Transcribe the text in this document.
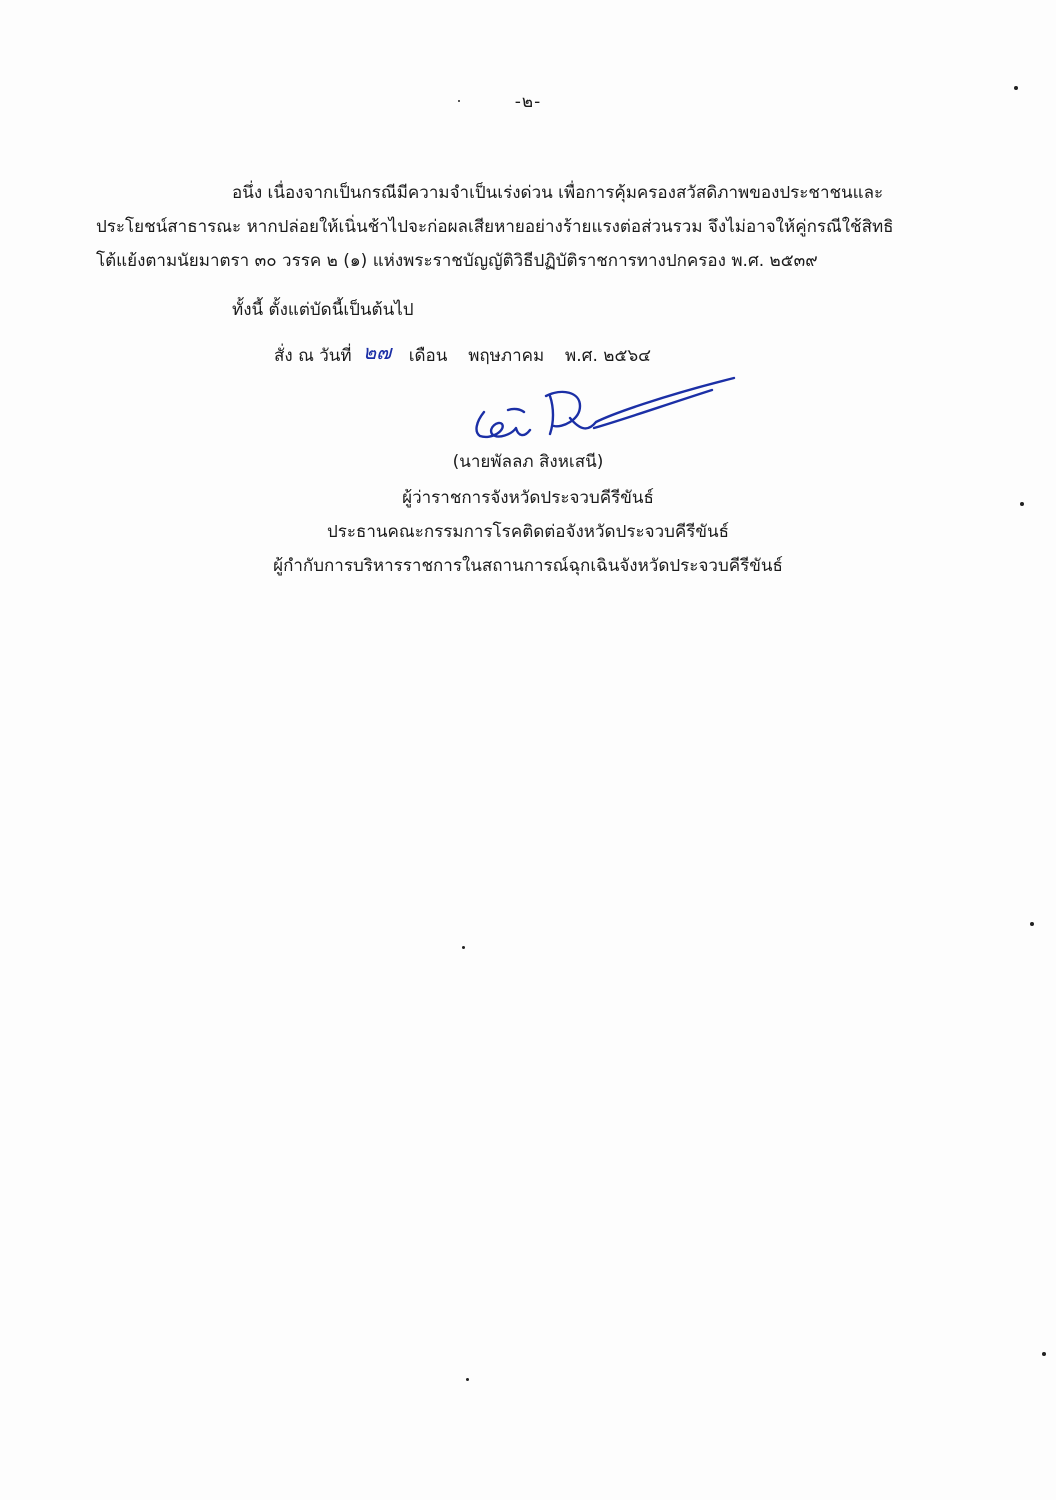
-๒-
อนึ่ง เนื่องจากเป็นกรณีมีความจำเป็นเร่งด่วน เพื่อการคุ้มครองสวัสดิภาพของประชาชนและ
ประโยชน์สาธารณะ หากปล่อยให้เนิ่นช้าไปจะก่อผลเสียหายอย่างร้ายแรงต่อส่วนรวม จึงไม่อาจให้คู่กรณีใช้สิทธิ
โต้แย้งตามนัยมาตรา ๓๐ วรรค ๒ (๑) แห่งพระราชบัญญัติวิธีปฏิบัติราชการทางปกครอง พ.ศ. ๒๕๓๙
ทั้งนี้ ตั้งแต่บัดนี้เป็นต้นไป
สั่ง ณ วันที่ ๒๗ เดือน พฤษภาคม พ.ศ. ๒๕๖๔
(นายพัลลภ สิงหเสนี)
ผู้ว่าราชการจังหวัดประจวบคีรีขันธ์
ประธานคณะกรรมการโรคติดต่อจังหวัดประจวบคีรีขันธ์
ผู้กำกับการบริหารราชการในสถานการณ์ฉุกเฉินจังหวัดประจวบคีรีขันธ์
